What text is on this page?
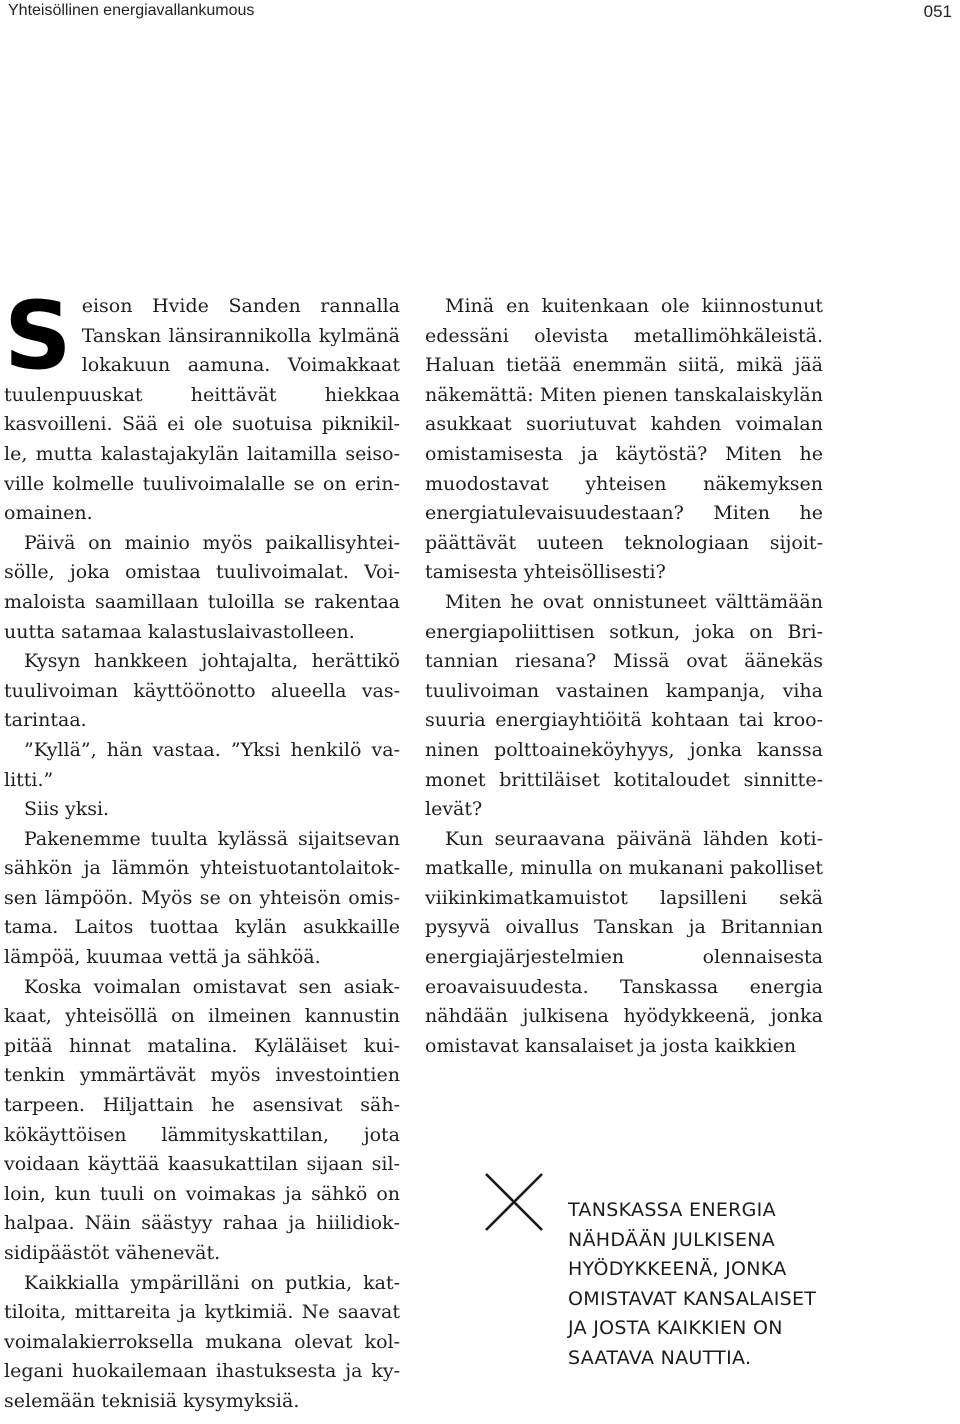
Yhteisöllinen energiavallankumous	051

Seison Hvide Sanden rannalla Tanskan länsirannikolla kylmänä lokakuun aamuna. Voimakkaat tuulenpuuskat heittävät hiekkaa kasvoilleni. Sää ei ole suotuisa piknikille, mutta kalastajakylän laitamilla seisoville kolmelle tuulivoimalalle se on erinomainen.

Päivä on mainio myös paikallisyhteisölle, joka omistaa tuulivoimalat. Voimaloista saamillaan tuloilla se rakentaa uutta satamaa kalastuslaivastolleen.

Kysyn hankkeen johtajalta, herättikö tuulivoiman käyttöönotto alueella vastarintaa.

”Kyllä”, hän vastaa. ”Yksi henkilö valitti.”

Siis yksi.

Pakenemme tuulta kylässä sijaitsevan sähkön ja lämmön yhteistuotantolaitoksen lämpöön. Myös se on yhteisön omistama. Laitos tuottaa kylän asukkaille lämpöä, kuumaa vettä ja sähköä.

Koska voimalan omistavat sen asiakkaat, yhteisöllä on ilmeinen kannustin pitää hinnat matalina. Kyläläiset kuitenkin ymmärtävät myös investointien tarpeen. Hiljattain he asensivat sähkökäyttöisen lämmityskattilan, jota voidaan käyttää kaasukattilan sijaan silloin, kun tuuli on voimakas ja sähkö on halpaa. Näin säästyy rahaa ja hiilidioksidipäästöt vähenevät.

Kaikkialla ympärilläni on putkia, kattiloita, mittareita ja kytkimiä. Ne saavat voimalakierroksella mukana olevat kollegani huokailemaan ihastuksesta ja kyselemään teknisiä kysymyksiä.

Minä en kuitenkaan ole kiinnostunut edessäni olevista metallimöhkäleistä. Haluan tietää enemmän siitä, mikä jää näkemättä: Miten pienen tanskalaiskylän asukkaat suoriutuvat kahden voimalan omistamisesta ja käytöstä? Miten he muodostavat yhteisen näkemyksen energiatulevaisuudestaan? Miten he päättävät uuteen teknologiaan sijoittamisesta yhteisöllisesti?

Miten he ovat onnistuneet välttämään energiapoliittisen sotkun, joka on Britannian riesana? Missä ovat äänekäs tuulivoiman vastainen kampanja, viha suuria energiayhtiöitä kohtaan tai krooninen polttoaineköyhyys, jonka kanssa monet brittiläiset kotitaloudet sinnittelevät?

Kun seuraavana päivänä lähden kotimatkalle, minulla on mukanani pakolliset viikinkimatkamuistot lapsilleni sekä pysyvä oivallus Tanskan ja Britannian energiajärjestelmien olennaisesta eroavaisuudesta. Tanskassa energia nähdään julkisena hyödykkeenä, jonka omistavat kansalaiset ja josta kaikkien

TANSKASSA ENERGIA
NÄHDÄÄN JULKISENA
HYÖDYKKEENÄ, JONKA
OMISTAVAT KANSALAISET
JA JOSTA KAIKKIEN ON
SAATAVA NAUTTIA.
